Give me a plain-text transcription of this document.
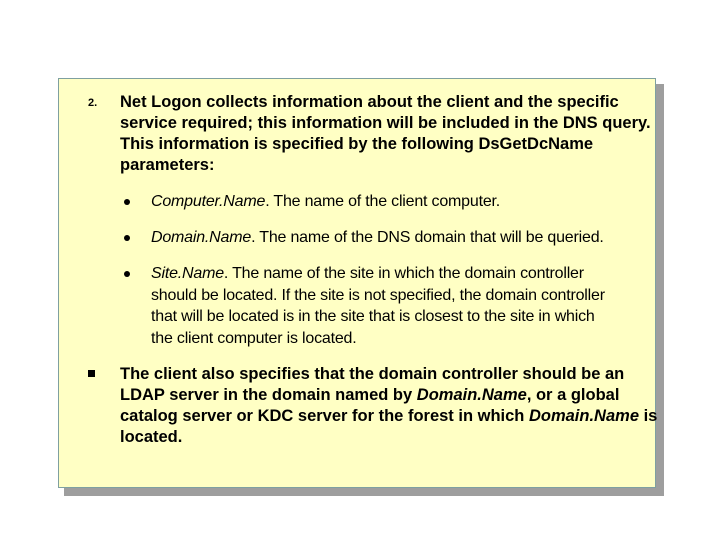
2. Net Logon collects information about the client and the specific
service required; this information will be included in the DNS query.
This information is specified by the following DsGetDcName
parameters:
Computer.Name. The name of the client computer.
Domain.Name. The name of the DNS domain that will be queried.
Site.Name. The name of the site in which the domain controller
should be located. If the site is not specified, the domain controller
that will be located is in the site that is closest to the site in which
the client computer is located.
The client also specifies that the domain controller should be an
LDAP server in the domain named by Domain.Name, or a global
catalog server or KDC server for the forest in which Domain.Name is
located.
